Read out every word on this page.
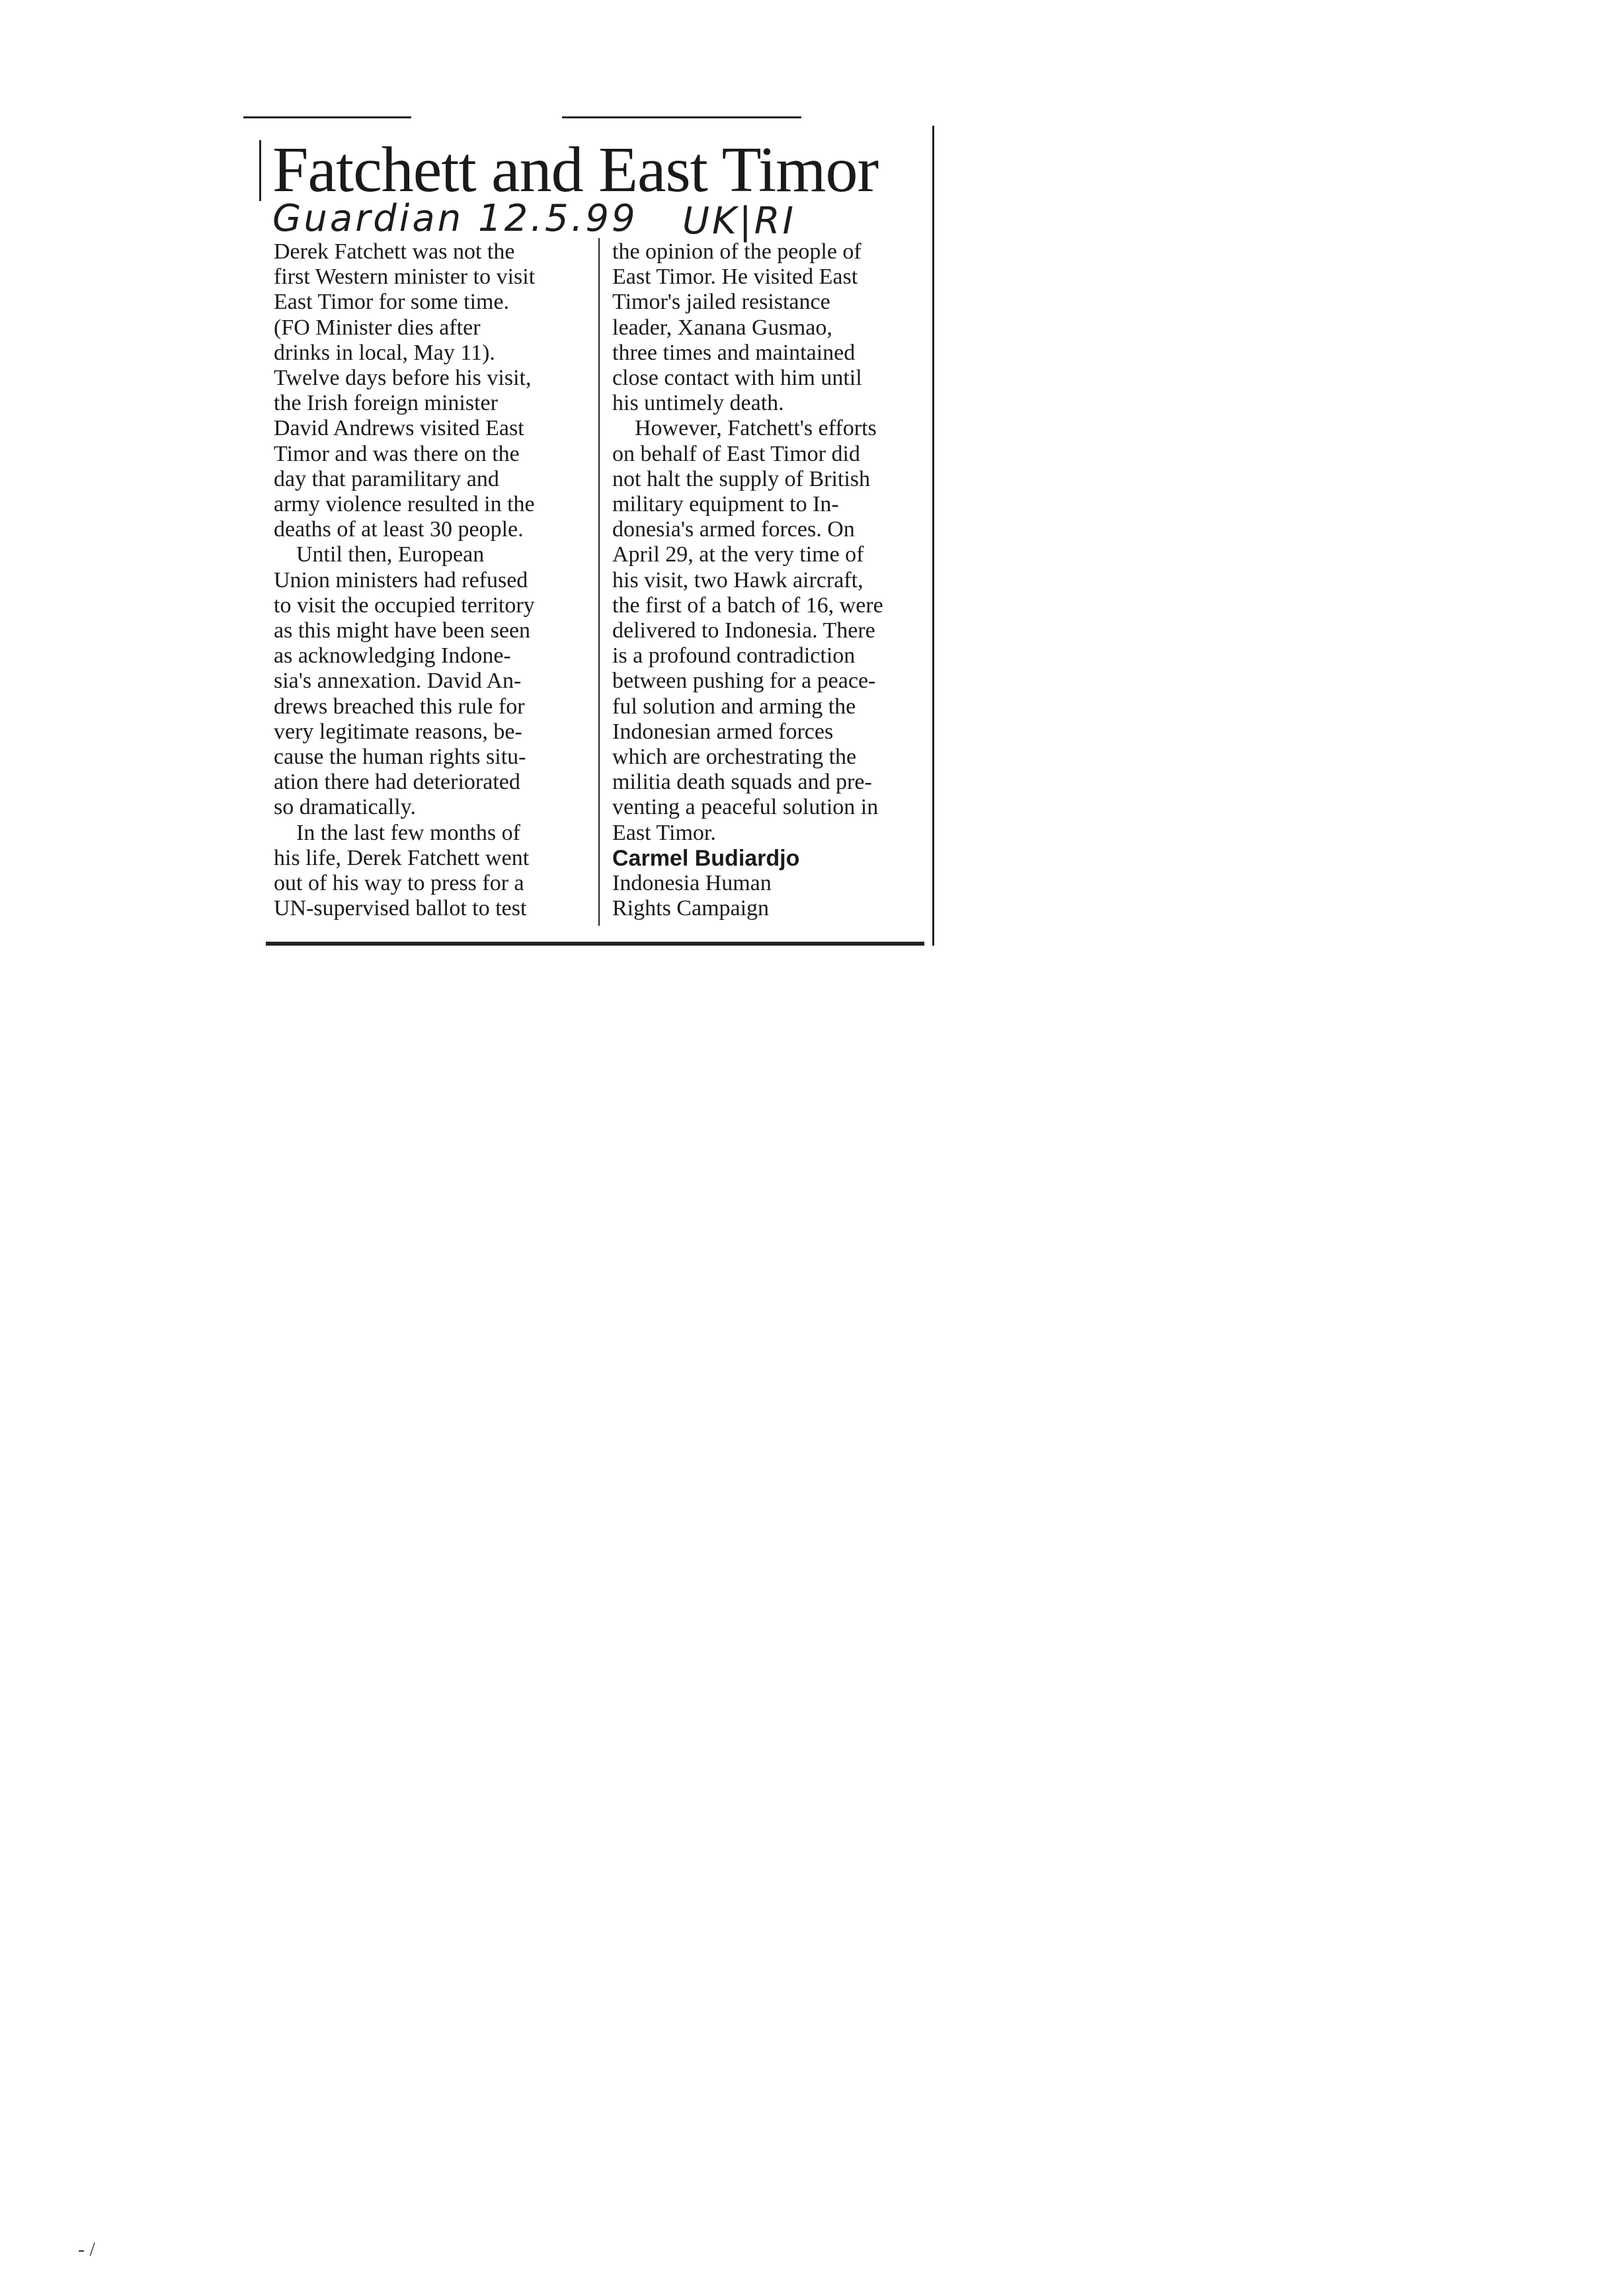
Fatchett and East Timor
Guardian 12.5.99 UK|RI

Derek Fatchett was not the

first Western minister to visit

East Timor for some time.

(FO Minister dies after

drinks in local, May 11).

Twelve days before his visit,

the Irish foreign minister

David Andrews visited East

Timor and was there on the

day that paramilitary and

army violence resulted in the

deaths of at least 30 people.

Until then, European

Union ministers had refused

to visit the occupied territory

as this might have been seen

as acknowledging Indone-

sia's annexation. David An-

drews breached this rule for

very legitimate reasons, be-

cause the human rights situ-

ation there had deteriorated

so dramatically.

In the last few months of

his life, Derek Fatchett went

out of his way to press for a

UN-supervised ballot to test

the opinion of the people of

East Timor. He visited East

Timor's jailed resistance

leader, Xanana Gusmao,

three times and maintained

close contact with him until

his untimely death.

However, Fatchett's efforts

on behalf of East Timor did

not halt the supply of British

military equipment to In-

donesia's armed forces. On

April 29, at the very time of

his visit, two Hawk aircraft,

the first of a batch of 16, were

delivered to Indonesia. There

is a profound contradiction

between pushing for a peace-

ful solution and arming the

Indonesian armed forces

which are orchestrating the

militia death squads and pre-

venting a peaceful solution in

East Timor.

Carmel Budiardjo

Indonesia Human

Rights Campaign

- /
